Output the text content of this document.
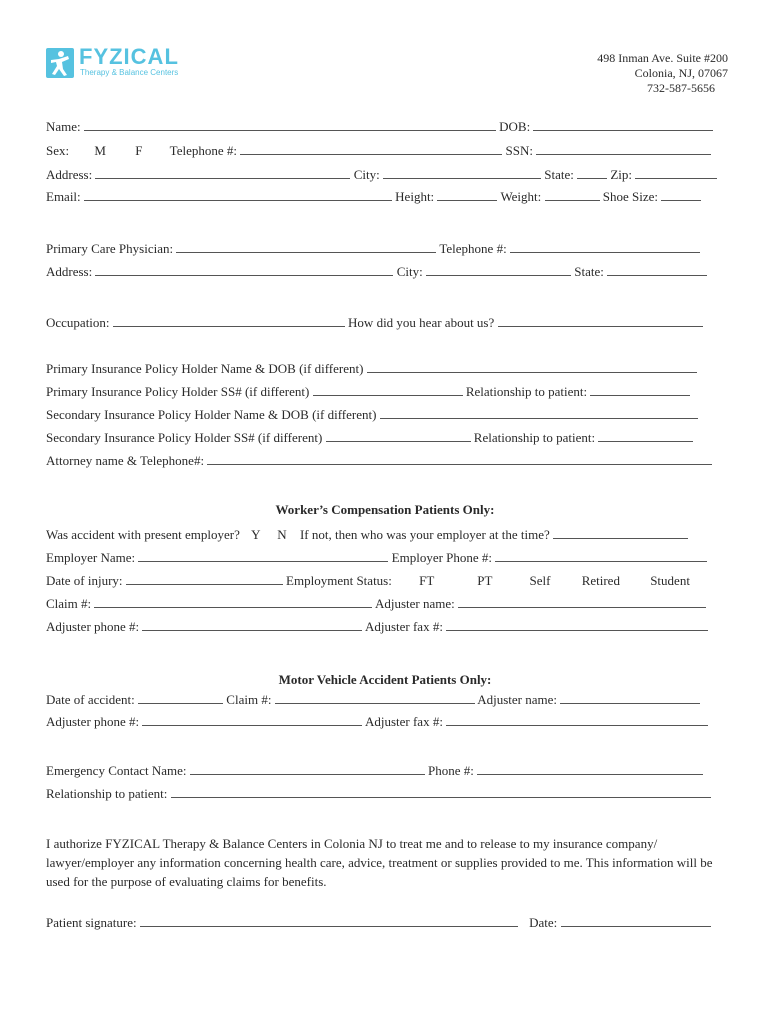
FYZICAL
Therapy & Balance Centers
498 Inman Ave. Suite #200
Colonia, NJ, 07067
732-587-5656
Name:	DOB:
Sex: M F Telephone #:	SSN:
Address:	City:	State:	Zip:
Email:	Height:	Weight:	Shoe Size:
Primary Care Physician:	Telephone #:
Address:	City:	State:
Occupation:	How did you hear about us?
Primary Insurance Policy Holder Name & DOB (if different)
Primary Insurance Policy Holder SS# (if different)	Relationship to patient:
Secondary Insurance Policy Holder Name & DOB (if different)
Secondary Insurance Policy Holder SS# (if different)	Relationship to patient:
Attorney name & Telephone#:
Worker’s Compensation Patients Only:
Was accident with present employer? Y N If not, then who was your employer at the time?
Employer Name:	Employer Phone #:
Date of injury:	Employment Status: FT	PT	Self Retired Student
Claim #:	Adjuster name:
Adjuster phone #:	Adjuster fax #:
Motor Vehicle Accident Patients Only:
Date of accident:	Claim #:	Adjuster name:
Adjuster phone #:	Adjuster fax #:
Emergency Contact Name:	Phone #:
Relationship to patient:
I authorize FYZICAL Therapy & Balance Centers in Colonia NJ to treat me and to release to my insurance company/ lawyer/employer any information concerning health care, advice, treatment or supplies provided to me. This information will be used for the purpose of evaluating claims for benefits.
Patient signature:	Date:
